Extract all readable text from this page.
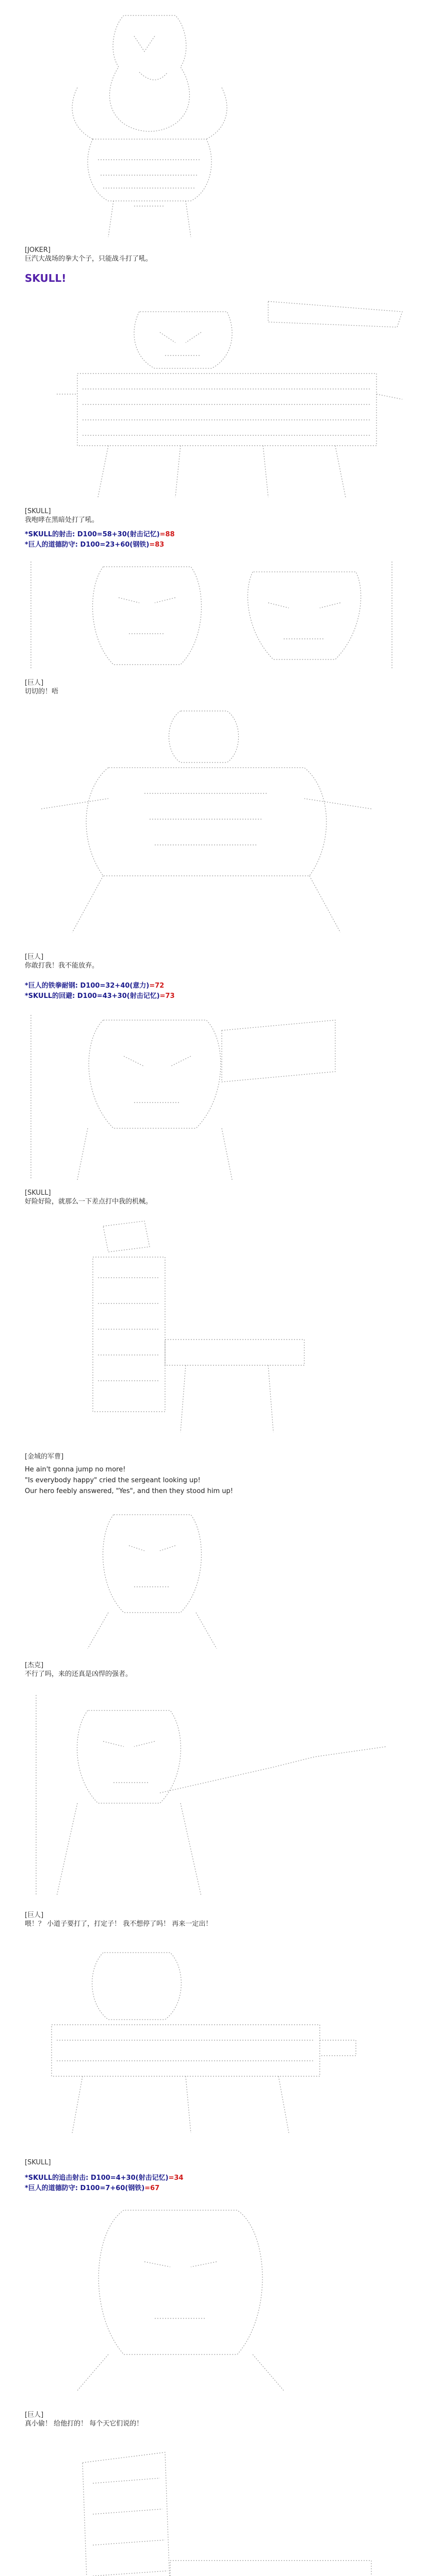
[JOKER]
巨汽大战场的拳大个子，只能战斗打了吼。
SKULL!
[SKULL]
我咆哮在黑暗处打了吼。
*SKULL的射击: D100=58+30(射击记忆)=88
*巨人的道德防守: D100=23+60(钢铁)=83
[巨人]
切切的！唔
[巨人]
你敢打我！我不能放弃。
*巨人的铁拳耐钢: D100=32+40(意力)=72
*SKULL的回避: D100=43+30(射击记忆)=73
[SKULL]
好险好险，就那么一下差点打中我的机械。
[金城的军曹]
He ain't gonna jump no more!
"Is everybody happy" cried the sergeant looking up!
Our hero feebly answered, "Yes", and then they stood him up!
[杰克]
不行了吗，来的还真是凶悍的强者。
[巨人]
喂！？ 小道子要打了，打定子！ 我不想停了吗！ 再来一定出！
[SKULL]
*SKULL的追击射击: D100=4+30(射击记忆)=34
*巨人的道德防守: D100=7+60(钢铁)=67
[巨人]
真小偷！ 给他打的！ 每个天它们说的！
